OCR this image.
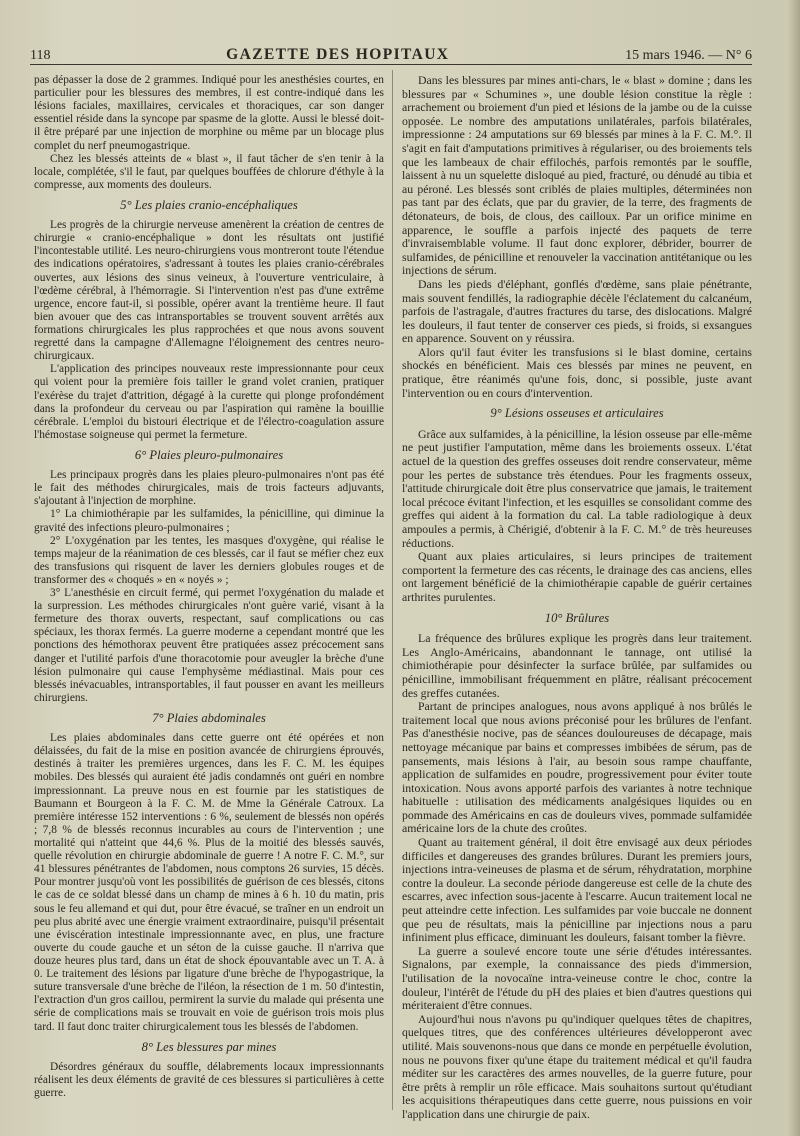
118	GAZETTE DES HOPITAUX	15 mars 1946. — N° 6

pas dépasser la dose de 2 grammes. Indiqué pour les anesthésies courtes, en particulier pour les blessures des membres, il est contre-indiqué dans les lésions faciales, maxillaires, cervicales et thoraciques, car son danger essentiel réside dans la syncope par spasme de la glotte. Aussi le blessé doit-il être préparé par une injection de morphine ou même par un blocage plus complet du nerf pneumogastrique.

Chez les blessés atteints de « blast », il faut tâcher de s'en tenir à la locale, complétée, s'il le faut, par quelques bouffées de chlorure d'éthyle à la compresse, aux moments des douleurs.

5° Les plaies cranio-encéphaliques

Les progrès de la chirurgie nerveuse amenèrent la création de centres de chirurgie « cranio-encéphalique » dont les résultats ont justifié l'incontestable utilité. Les neuro-chirurgiens vous montreront toute l'étendue des indications opératoires, s'adressant à toutes les plaies cranio-cérébrales ouvertes, aux lésions des sinus veineux, à l'ouverture ventriculaire, à l'œdème cérébral, à l'hémorragie. Si l'intervention n'est pas d'une extrême urgence, encore faut-il, si possible, opérer avant la trentième heure. Il faut bien avouer que des cas intransportables se trouvent souvent arrêtés aux formations chirurgicales les plus rapprochées et que nous avons souvent regretté dans la campagne d'Allemagne l'éloignement des centres neuro-chirurgicaux.

L'application des principes nouveaux reste impressionnante pour ceux qui voient pour la première fois tailler le grand volet cranien, pratiquer l'exérèse du trajet d'attrition, dégagé à la curette qui plonge profondément dans la profondeur du cerveau ou par l'aspiration qui ramène la bouillie cérébrale. L'emploi du bistouri électrique et de l'électro-coagulation assure l'hémostase soigneuse qui permet la fermeture.

6° Plaies pleuro-pulmonaires

Les principaux progrès dans les plaies pleuro-pulmonaires n'ont pas été le fait des méthodes chirurgicales, mais de trois facteurs adjuvants, s'ajoutant à l'injection de morphine.

1° La chimiothérapie par les sulfamides, la pénicilline, qui diminue la gravité des infections pleuro-pulmonaires ;

2° L'oxygénation par les tentes, les masques d'oxygène, qui réalise le temps majeur de la réanimation de ces blessés, car il faut se méfier chez eux des transfusions qui risquent de laver les derniers globules rouges et de transformer des « choqués » en « noyés » ;

3° L'anesthésie en circuit fermé, qui permet l'oxygénation du malade et la surpression. Les méthodes chirurgicales n'ont guère varié, visant à la fermeture des thorax ouverts, respectant, sauf complications ou cas spéciaux, les thorax fermés. La guerre moderne a cependant montré que les ponctions des hémothorax peuvent être pratiquées assez précocement sans danger et l'utilité parfois d'une thoracotomie pour aveugler la brèche d'une lésion pulmonaire qui cause l'emphysème médiastinal. Mais pour ces blessés inévacuables, intransportables, il faut pousser en avant les meilleurs chirurgiens.

7° Plaies abdominales

Les plaies abdominales dans cette guerre ont été opérées et non délaissées, du fait de la mise en position avancée de chirurgiens éprouvés, destinés à traiter les premières urgences, dans les F. C. M. les équipes mobiles. Des blessés qui auraient été jadis condamnés ont guéri en nombre impressionnant. La preuve nous en est fournie par les statistiques de Baumann et Bourgeon à la F. C. M. de Mme la Générale Catroux. La première intéresse 152 interventions : 6 %, seulement de blessés non opérés ; 7,8 % de blessés reconnus incurables au cours de l'intervention ; une mortalité qui n'atteint que 44,6 %. Plus de la moitié des blessés sauvés, quelle révolution en chirurgie abdominale de guerre ! A notre F. C. M.°, sur 41 blessures pénétrantes de l'abdomen, nous comptons 26 survies, 15 décès. Pour montrer jusqu'où vont les possibilités de guérison de ces blessés, citons le cas de ce soldat blessé dans un champ de mines à 6 h. 10 du matin, pris sous le feu allemand et qui dut, pour être évacué, se traîner en un endroit un peu plus abrité avec une énergie vraiment extraordinaire, puisqu'il présentait une éviscération intestinale impressionnante avec, en plus, une fracture ouverte du coude gauche et un séton de la cuisse gauche. Il n'arriva que douze heures plus tard, dans un état de shock épouvantable avec un T. A. à 0. Le traitement des lésions par ligature d'une brèche de l'hypogastrique, la suture transversale d'une brèche de l'iléon, la résection de 1 m. 50 d'intestin, l'extraction d'un gros caillou, permirent la survie du malade qui présenta une série de complications mais se trouvait en voie de guérison trois mois plus tard. Il faut donc traiter chirurgicalement tous les blessés de l'abdomen.

8° Les blessures par mines

Désordres généraux du souffle, délabrements locaux impressionnants réalisent les deux éléments de gravité de ces blessures si particulières à cette guerre.

Dans les blessures par mines anti-chars, le « blast » domine ; dans les blessures par « Schumines », une double lésion constitue la règle : arrachement ou broiement d'un pied et lésions de la jambe ou de la cuisse opposée. Le nombre des amputations unilatérales, parfois bilatérales, impressionne : 24 amputations sur 69 blessés par mines à la F. C. M.°. Il s'agit en fait d'amputations primitives à régulariser, ou des broiements tels que les lambeaux de chair effilochés, parfois remontés par le souffle, laissent à nu un squelette disloqué au pied, fracturé, ou dénudé au tibia et au péroné. Les blessés sont criblés de plaies multiples, déterminées non pas tant par des éclats, que par du gravier, de la terre, des fragments de détonateurs, de bois, de clous, des cailloux. Par un orifice minime en apparence, le souffle a parfois injecté des paquets de terre d'invraisemblable volume. Il faut donc explorer, débrider, bourrer de sulfamides, de pénicilline et renouveler la vaccination antitétanique ou les injections de sérum.

Dans les pieds d'éléphant, gonflés d'œdème, sans plaie pénétrante, mais souvent fendillés, la radiographie décèle l'éclatement du calcanéum, parfois de l'astragale, d'autres fractures du tarse, des dislocations. Malgré les douleurs, il faut tenter de conserver ces pieds, si froids, si exsangues en apparence. Souvent on y réussira.

Alors qu'il faut éviter les transfusions si le blast domine, certains shockés en bénéficient. Mais ces blessés par mines ne peuvent, en pratique, être réanimés qu'une fois, donc, si possible, juste avant l'intervention ou en cours d'intervention.

9° Lésions osseuses et articulaires

Grâce aux sulfamides, à la pénicilline, la lésion osseuse par elle-même ne peut justifier l'amputation, même dans les broiements osseux. L'état actuel de la question des greffes osseuses doit rendre conservateur, même pour les pertes de substance très étendues. Pour les fragments osseux, l'attitude chirurgicale doit être plus conservatrice que jamais, le traitement local précoce évitant l'infection, et les esquilles se consolidant comme des greffes qui aident à la formation du cal. La table radiologique à deux ampoules a permis, à Chérigié, d'obtenir à la F. C. M.° de très heureuses réductions.

Quant aux plaies articulaires, si leurs principes de traitement comportent la fermeture des cas récents, le drainage des cas anciens, elles ont largement bénéficié de la chimiothérapie capable de guérir certaines arthrites purulentes.

10° Brûlures

La fréquence des brûlures explique les progrès dans leur traitement. Les Anglo-Américains, abandonnant le tannage, ont utilisé la chimiothérapie pour désinfecter la surface brûlée, par sulfamides ou pénicilline, immobilisant fréquemment en plâtre, réalisant précocement des greffes cutanées.

Partant de principes analogues, nous avons appliqué à nos brûlés le traitement local que nous avions préconisé pour les brûlures de l'enfant. Pas d'anesthésie nocive, pas de séances douloureuses de décapage, mais nettoyage mécanique par bains et compresses imbibées de sérum, pas de pansements, mais lésions à l'air, au besoin sous rampe chauffante, application de sulfamides en poudre, progressivement pour éviter toute intoxication. Nous avons apporté parfois des variantes à notre technique habituelle : utilisation des médicaments analgésiques liquides ou en pommade des Américains en cas de douleurs vives, pommade sulfamidée américaine lors de la chute des croûtes.

Quant au traitement général, il doit être envisagé aux deux périodes difficiles et dangereuses des grandes brûlures. Durant les premiers jours, injections intra-veineuses de plasma et de sérum, réhydratation, morphine contre la douleur. La seconde période dangereuse est celle de la chute des escarres, avec infection sous-jacente à l'escarre. Aucun traitement local ne peut atteindre cette infection. Les sulfamides par voie buccale ne donnent que peu de résultats, mais la pénicilline par injections nous a paru infiniment plus efficace, diminuant les douleurs, faisant tomber la fièvre.

La guerre a soulevé encore toute une série d'études intéressantes. Signalons, par exemple, la connaissance des pieds d'immersion, l'utilisation de la novocaïne intra-veineuse contre le choc, contre la douleur, l'intérêt de l'étude du pH des plaies et bien d'autres questions qui mériteraient d'être connues.

Aujourd'hui nous n'avons pu qu'indiquer quelques têtes de chapitres, quelques titres, que des conférences ultérieures développeront avec utilité. Mais souvenons-nous que dans ce monde en perpétuelle évolution, nous ne pouvons fixer qu'une étape du traitement médical et qu'il faudra méditer sur les caractères des armes nouvelles, de la guerre future, pour être prêts à remplir un rôle efficace. Mais souhaitons surtout qu'étudiant les acquisitions thérapeutiques dans cette guerre, nous puissions en voir l'application dans une chirurgie de paix.
